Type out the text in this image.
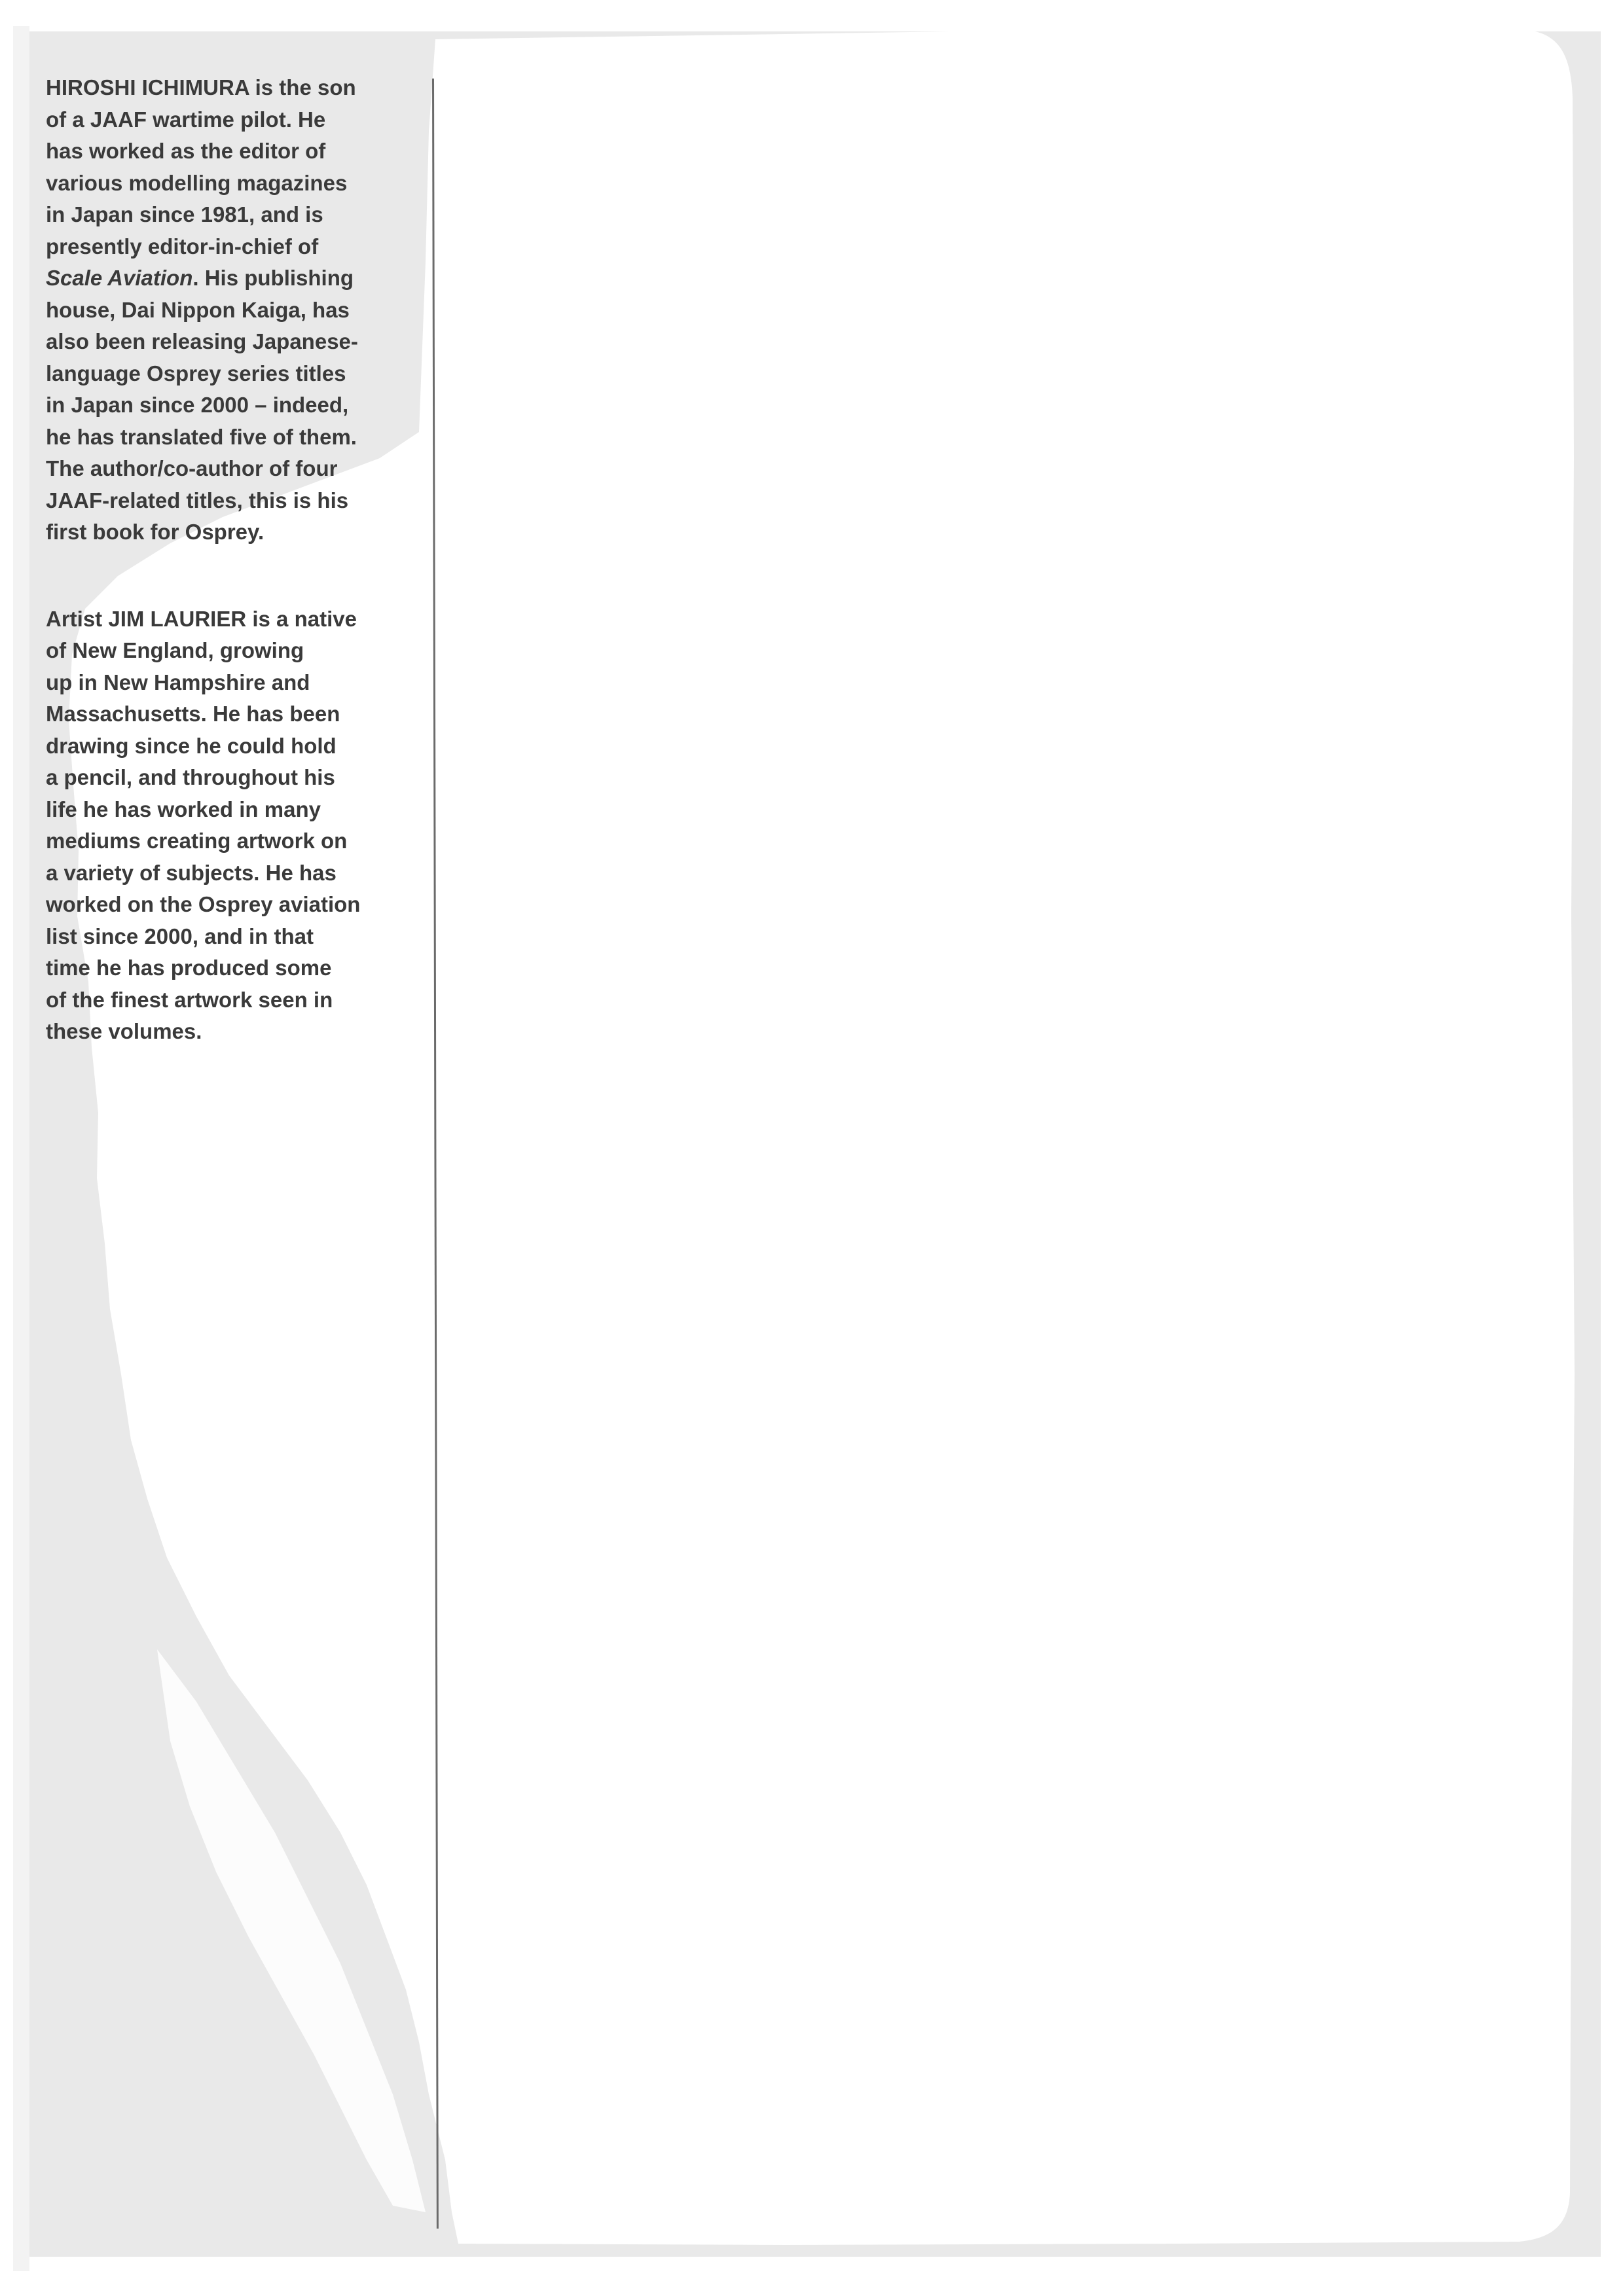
HIROSHI ICHIMURA is the son
of a JAAF wartime pilot. He
has worked as the editor of
various modelling magazines
in Japan since 1981, and is
presently editor-in-chief of
Scale Aviation. His publishing
house, Dai Nippon Kaiga, has
also been releasing Japanese-
language Osprey series titles
in Japan since 2000 – indeed,
he has translated five of them.
The author/co-author of four
JAAF-related titles, this is his
first book for Osprey.

Artist JIM LAURIER is a native
of New England, growing
up in New Hampshire and
Massachusetts. He has been
drawing since he could hold
a pencil, and throughout his
life he has worked in many
mediums creating artwork on
a variety of subjects. He has
worked on the Osprey aviation
list since 2000, and in that
time he has produced some
of the finest artwork seen in
these volumes.
